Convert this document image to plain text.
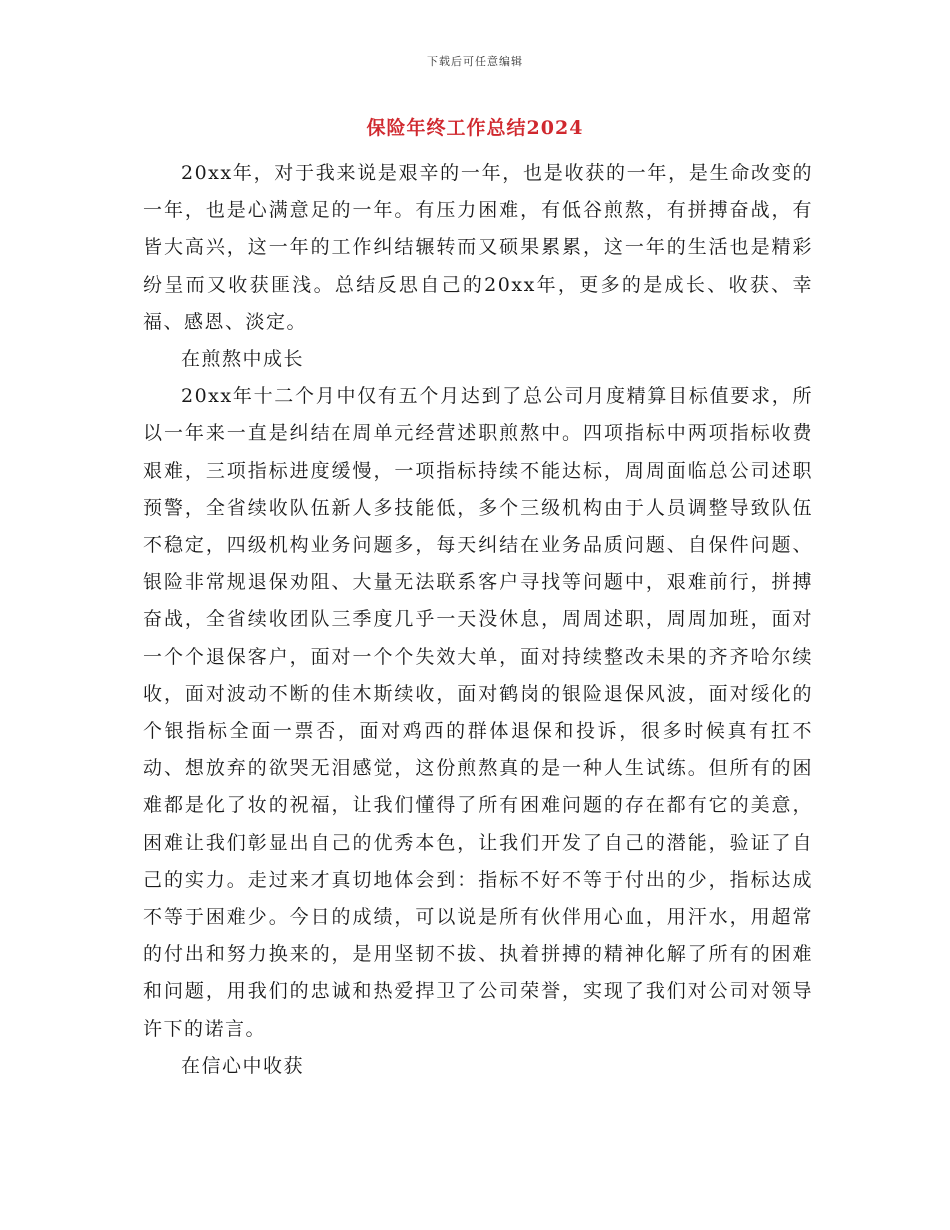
下载后可任意编辑
保险年终工作总结2024

20xx年，对于我来说是艰辛的一年，也是收获的一年，是生命改变的一年，也是心满意足的一年。有压力困难，有低谷煎熬，有拼搏奋战，有皆大高兴，这一年的工作纠结辗转而又硕果累累，这一年的生活也是精彩纷呈而又收获匪浅。总结反思自己的20xx年，更多的是成长、收获、幸福、感恩、淡定。

在煎熬中成长

20xx年十二个月中仅有五个月达到了总公司月度精算目标值要求，所以一年来一直是纠结在周单元经营述职煎熬中。四项指标中两项指标收费艰难，三项指标进度缓慢，一项指标持续不能达标，周周面临总公司述职预警，全省续收队伍新人多技能低，多个三级机构由于人员调整导致队伍不稳定，四级机构业务问题多，每天纠结在业务品质问题、自保件问题、银险非常规退保劝阻、大量无法联系客户寻找等问题中，艰难前行，拼搏奋战，全省续收团队三季度几乎一天没休息，周周述职，周周加班，面对一个个退保客户，面对一个个失效大单，面对持续整改未果的齐齐哈尔续收，面对波动不断的佳木斯续收，面对鹤岗的银险退保风波，面对绥化的个银指标全面一票否，面对鸡西的群体退保和投诉，很多时候真有扛不动、想放弃的欲哭无泪感觉，这份煎熬真的是一种人生试练。但所有的困难都是化了妆的祝福，让我们懂得了所有困难问题的存在都有它的美意，困难让我们彰显出自己的优秀本色，让我们开发了自己的潜能，验证了自己的实力。走过来才真切地体会到：指标不好不等于付出的少，指标达成不等于困难少。今日的成绩，可以说是所有伙伴用心血，用汗水，用超常的付出和努力换来的，是用坚韧不拔、执着拼搏的精神化解了所有的困难和问题，用我们的忠诚和热爱捍卫了公司荣誉，实现了我们对公司对领导许下的诺言。

在信心中收获
